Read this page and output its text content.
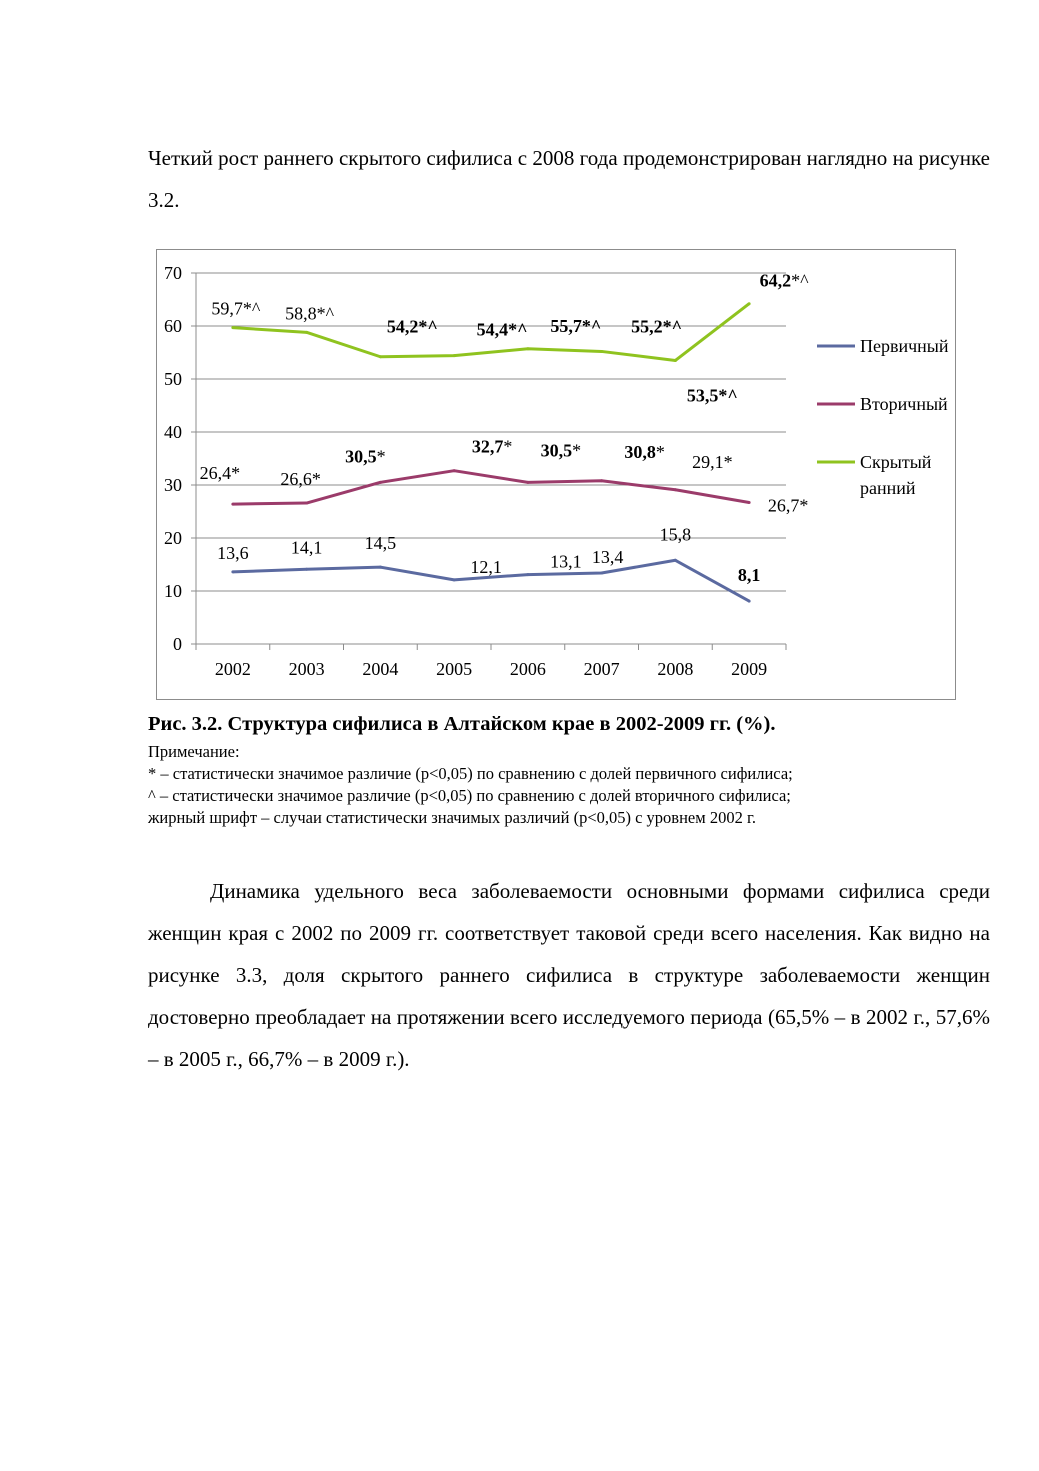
Четкий рост раннего скрытого сифилиса с 2008 года продемонстрирован наглядно на рисунке 3.2.

0
10
20
30
40
50
60
70
2002 2003 2004 2005 2006 2007 2008 2009
13,6 14,1 14,5
12,1	13,1 13,4
15,8
8,1
26,4* 26,6*
30,5*	32,7* 30,5* 30,8*
29,1*
26,7*
59,7*^ 58,8*^
54,2*^ 54,4*^ 55,7*^ 55,2*^
53,5*^
64,2*^
Первичный
Вторичный
Скрытый ранний

Рис. 3.2. Структура сифилиса в Алтайском крае в 2002-2009 гг. (%).

Примечание:
* – статистически значимое различие (p<0,05) по сравнению с долей первичного сифилиса;
^ – статистически значимое различие (p<0,05) по сравнению с долей вторичного сифилиса;
жирный шрифт – случаи статистически значимых различий (p<0,05) с уровнем 2002 г.

Динамика удельного веса заболеваемости основными формами сифилиса среди женщин края с 2002 по 2009 гг. соответствует таковой среди всего населения. Как видно на рисунке 3.3, доля скрытого раннего сифилиса в структуре заболеваемости женщин достоверно преобладает на протяжении всего исследуемого периода (65,5% – в 2002 г., 57,6% – в 2005 г., 66,7% – в 2009 г.).
